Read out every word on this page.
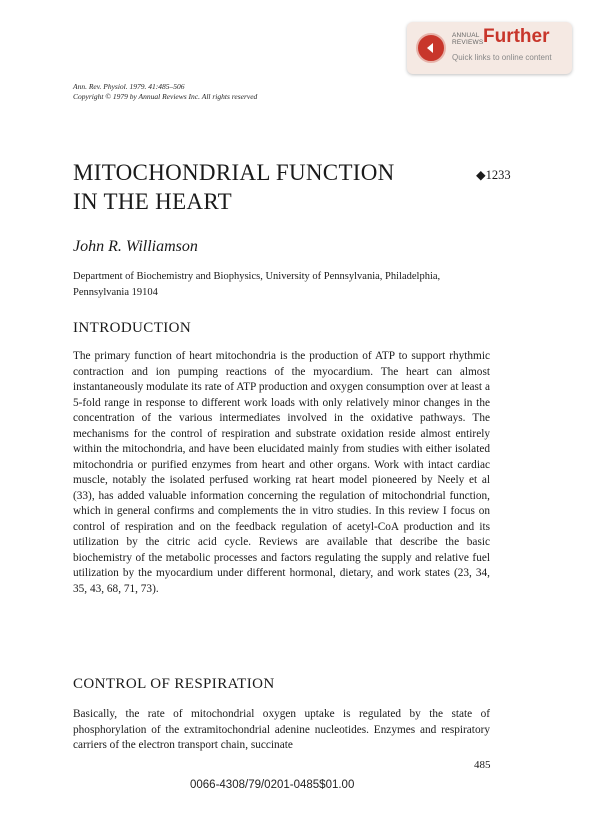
ANNUAL
REVIEWS Further
Quick links to online content
Ann. Rev. Physiol. 1979. 41:485–506
Copyright © 1979 by Annual Reviews Inc. All rights reserved
MITOCHONDRIAL FUNCTION
IN THE HEART
◆1233
John R. Williamson
Department of Biochemistry and Biophysics, University of Pennsylvania, Philadelphia, Pennsylvania 19104
INTRODUCTION

The primary function of heart mitochondria is the production of ATP to support rhythmic contraction and ion pumping reactions of the myocardium. The heart can almost instantaneously modulate its rate of ATP production and oxygen consumption over at least a 5-fold range in response to different work loads with only relatively minor changes in the concentration of the various intermediates involved in the oxidative pathways. The mechanisms for the control of respiration and substrate oxidation reside almost entirely within the mitochondria, and have been elucidated mainly from studies with either isolated mitochondria or purified enzymes from heart and other organs. Work with intact cardiac muscle, notably the isolated perfused working rat heart model pioneered by Neely et al (33), has added valuable information concerning the regulation of mitochondrial function, which in general confirms and complements the in vitro studies. In this review I focus on control of respiration and on the feedback regulation of acetyl-CoA production and its utilization by the citric acid cycle. Reviews are available that describe the basic biochemistry of the metabolic processes and factors regulating the supply and relative fuel utilization by the myocardium under different hormonal, dietary, and work states (23, 34, 35, 43, 68, 71, 73).

CONTROL OF RESPIRATION

Basically, the rate of mitochondrial oxygen uptake is regulated by the state of phosphorylation of the extramitochondrial adenine nucleotides. Enzymes and respiratory carriers of the electron transport chain, succinate

485
0066-4308/79/0201-0485$01.00
